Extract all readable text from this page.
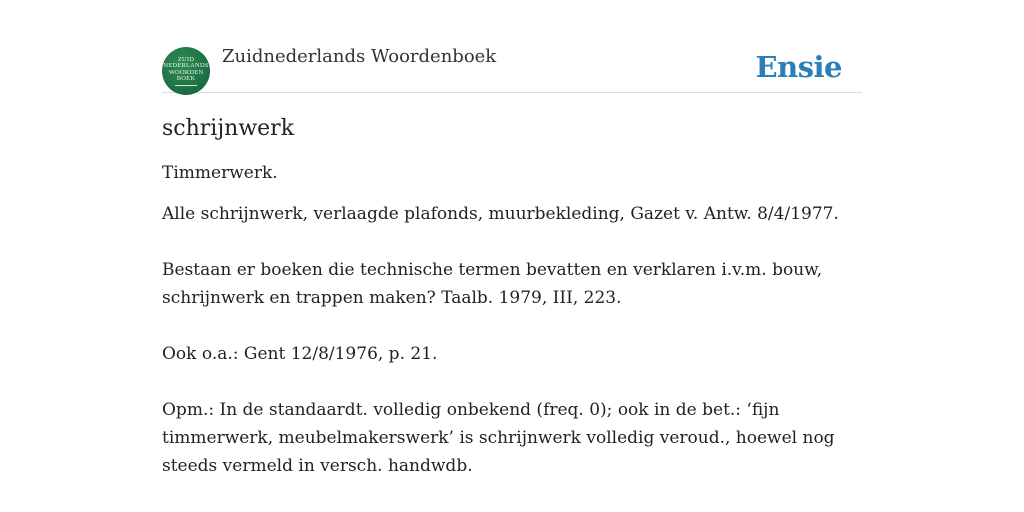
ZUID
NEDERLANDS
WOORDEN
BOEK
Zuidnederlands Woordenboek	Ensie
schrijnwerk

Timmerwerk.

Alle schrijnwerk, verlaagde plafonds, muurbekleding, Gazet v. Antw. 8/4/1977.

Bestaan er boeken die technische termen bevatten en verklaren i.v.m. bouw, schrijnwerk en trappen maken? Taalb. 1979, III, 223.

Ook o.a.: Gent 12/8/1976, p. 21.

Opm.: In de standaardt. volledig onbekend (freq. 0); ook in de bet.: ‘fijn timmerwerk, meubelmakerswerk’ is schrijnwerk volledig veroud., hoewel nog steeds vermeld in versch. handwdb.
